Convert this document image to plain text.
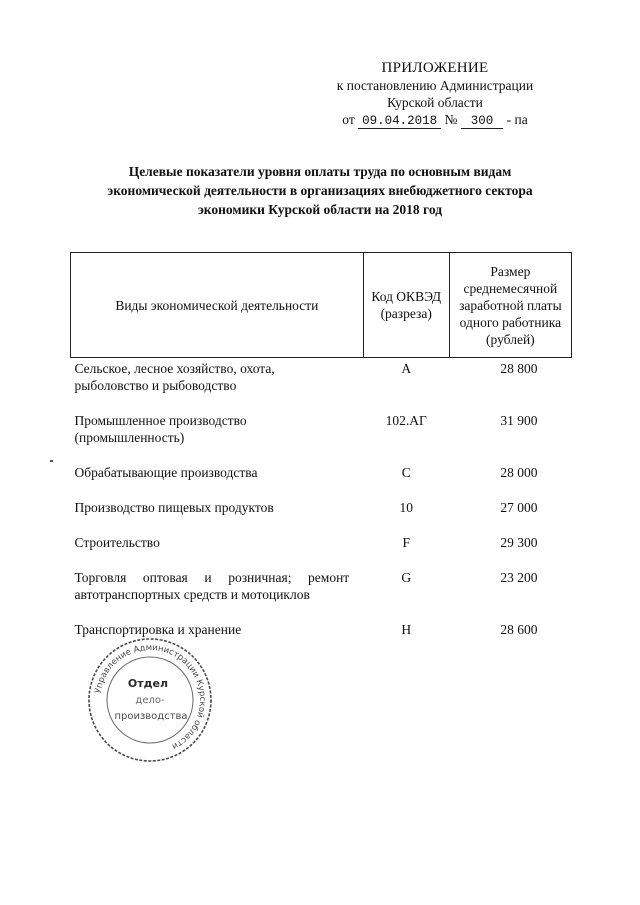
ПРИЛОЖЕНИЕ
к постановлению Администрации
Курской области
от 09.04.2018 № 300 - па
Целевые показатели уровня оплаты труда по основным видам
экономической деятельности в организациях внебюджетного сектора
экономики Курской области на 2018 год
Виды экономической деятельности	Код ОКВЭД (разреза)	Размер среднемесячной заработной платы одного работника (рублей)
Сельское, лесное хозяйство, охота, рыболовство и рыбоводство	А	28 800
Промышленное производство (промышленность)	102.АГ	31 900
Обрабатывающие производства	С	28 000
Производство пищевых продуктов	10	27 000
Строительство	F	29 300
Торговля оптовая и розничная; ремонт автотранспортных средств и мотоциклов	G	23 200
Транспортировка и хранение	Н	28 600
Управление Администрации Курской области
Отдел
дело-
производства
